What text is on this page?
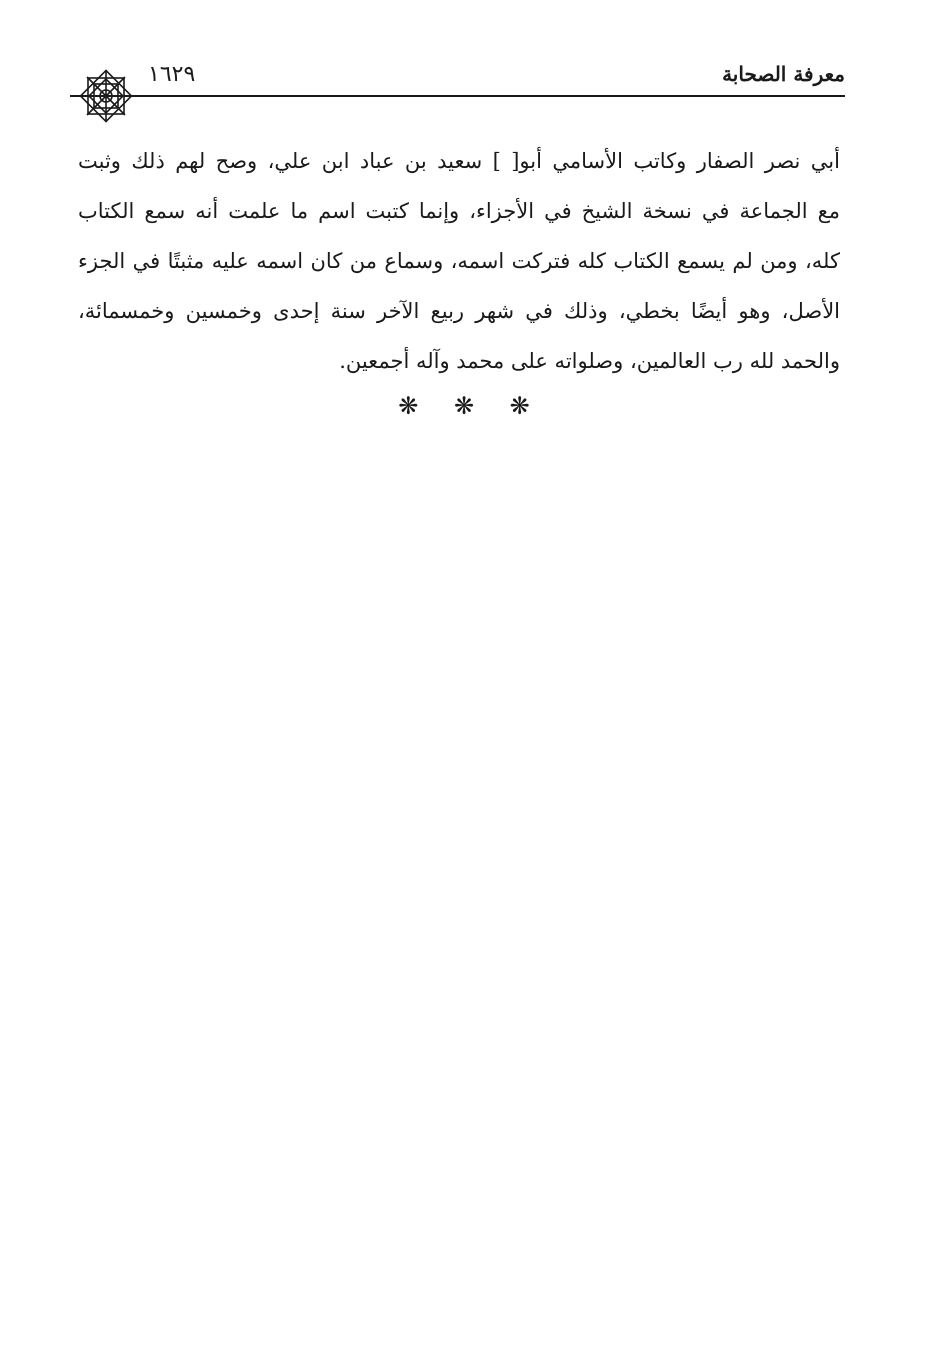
معرفة الصحابة
١٦٢٩
أبي نصر الصفار وكاتب الأسامي أبو[ ] سعيد بن عباد ابن علي، وصح لهم ذلك وثبت
مع الجماعة في نسخة الشيخ في الأجزاء، وإنما كتبت اسم ما علمت أنه سمع الكتاب
كله، ومن لم يسمع الكتاب كله فتركت اسمه، وسماع من كان اسمه عليه مثبتًا في الجزء
الأصل، وهو أيضًا بخطي، وذلك في شهر ربيع الآخر سنة إحدى وخمسين وخمسمائة،
والحمد لله رب العالمين، وصلواته على محمد وآله أجمعين.
❋ ❋ ❋
